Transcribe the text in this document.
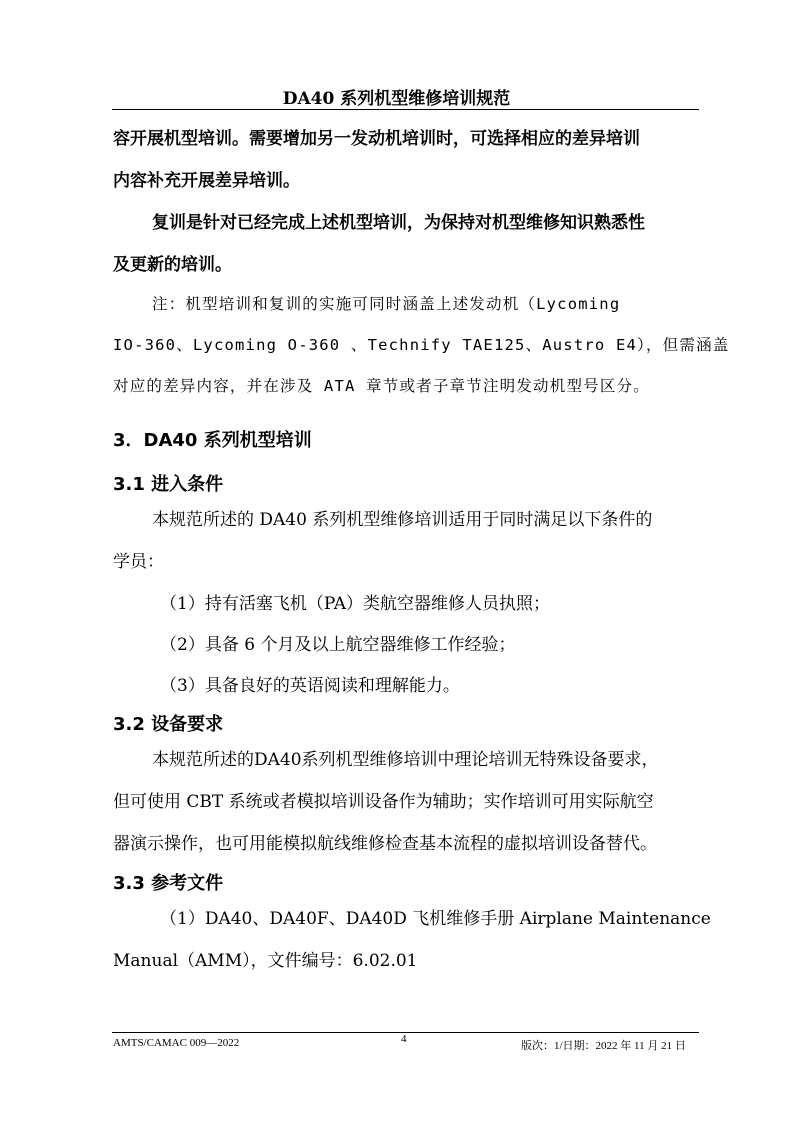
DA40 系列机型维修培训规范
容开展机型培训。需要增加另一发动机培训时，可选择相应的差异培训
内容补充开展差异培训。
复训是针对已经完成上述机型培训，为保持对机型维修知识熟悉性
及更新的培训。
注：机型培训和复训的实施可同时涵盖上述发动机（Lycoming
IO-360、Lycoming O-360 、Technify TAE125、Austro E4），但需涵盖
对应的差异内容，并在涉及 ATA 章节或者子章节注明发动机型号区分。
3．DA40 系列机型培训
3.1 进入条件
本规范所述的 DA40 系列机型维修培训适用于同时满足以下条件的
学员：
（1）持有活塞飞机（PA）类航空器维修人员执照；
（2）具备 6 个月及以上航空器维修工作经验；
（3）具备良好的英语阅读和理解能力。
3.2 设备要求
本规范所述的DA40系列机型维修培训中理论培训无特殊设备要求，
但可使用 CBT 系统或者模拟培训设备作为辅助；实作培训可用实际航空
器演示操作，也可用能模拟航线维修检查基本流程的虚拟培训设备替代。
3.3 参考文件
（1）DA40、DA40F、DA40D 飞机维修手册 Airplane Maintenance
Manual（AMM），文件编号：6.02.01
AMTS/CAMAC 009—2022	4
版次：1/日期：2022 年 11 月 21 日
